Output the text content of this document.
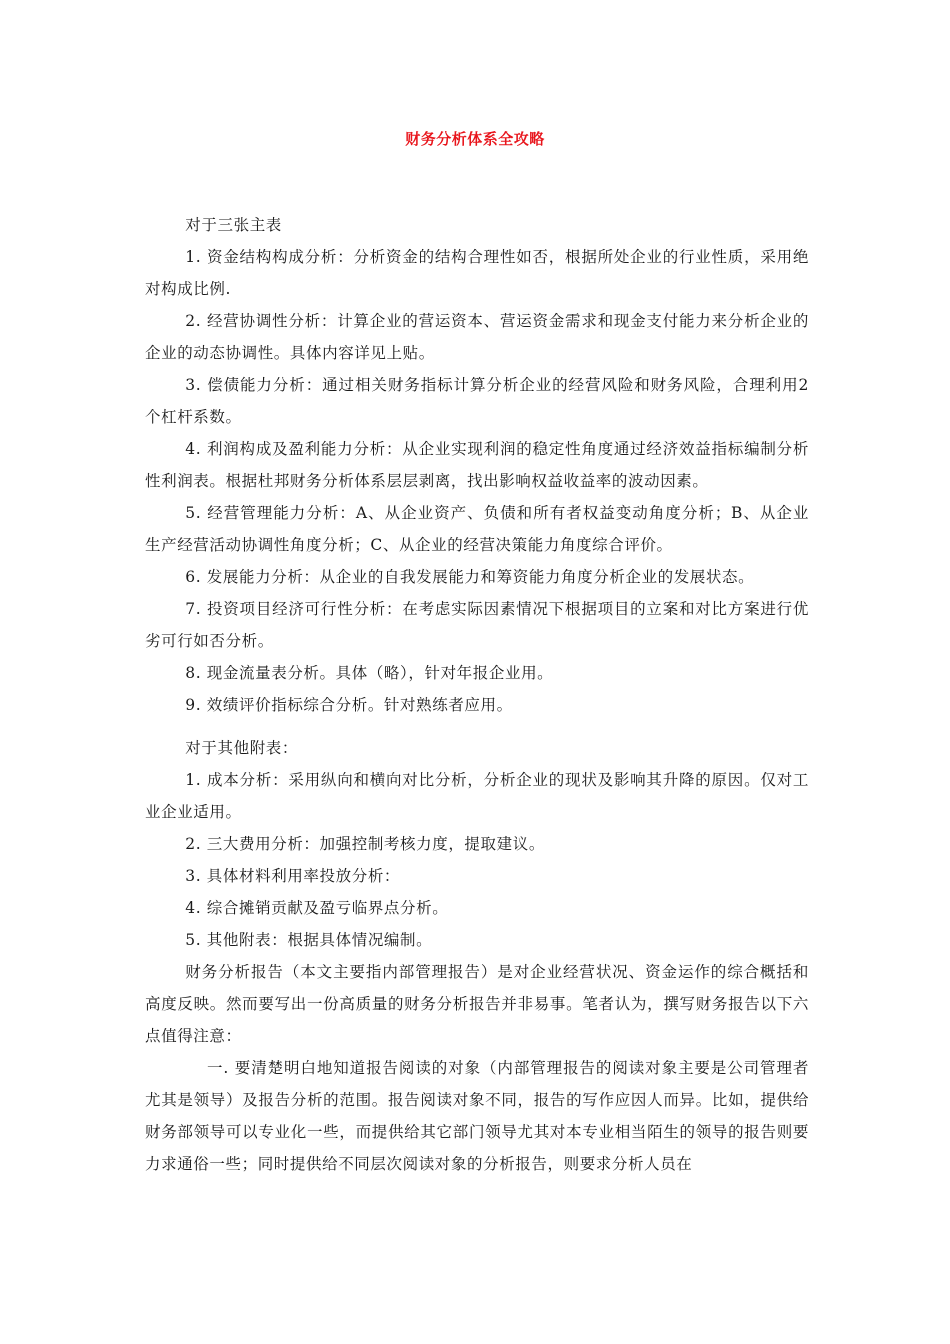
财务分析体系全攻略

对于三张主表

1. 资金结构构成分析：分析资金的结构合理性如否，根据所处企业的行业性质，采用绝对构成比例.

2. 经营协调性分析：计算企业的营运资本、营运资金需求和现金支付能力来分析企业的企业的动态协调性。具体内容详见上贴。

3. 偿债能力分析：通过相关财务指标计算分析企业的经营风险和财务风险，合理利用2个杠杆系数。

4. 利润构成及盈利能力分析：从企业实现利润的稳定性角度通过经济效益指标编制分析性利润表。根据杜邦财务分析体系层层剥离，找出影响权益收益率的波动因素。

5. 经营管理能力分析：A、从企业资产、负债和所有者权益变动角度分析；B、从企业生产经营活动协调性角度分析；C、从企业的经营决策能力角度综合评价。

6. 发展能力分析：从企业的自我发展能力和筹资能力角度分析企业的发展状态。

7. 投资项目经济可行性分析：在考虑实际因素情况下根据项目的立案和对比方案进行优劣可行如否分析。

8. 现金流量表分析。具体（略），针对年报企业用。

9. 效绩评价指标综合分析。针对熟练者应用。

对于其他附表：

1. 成本分析：采用纵向和横向对比分析，分析企业的现状及影响其升降的原因。仅对工业企业适用。

2. 三大费用分析：加强控制考核力度，提取建议。

3. 具体材料利用率投放分析：

4. 综合摊销贡献及盈亏临界点分析。

5. 其他附表：根据具体情况编制。

财务分析报告（本文主要指内部管理报告）是对企业经营状况、资金运作的综合概括和高度反映。然而要写出一份高质量的财务分析报告并非易事。笔者认为，撰写财务报告以下六点值得注意：

一. 要清楚明白地知道报告阅读的对象（内部管理报告的阅读对象主要是公司管理者尤其是领导）及报告分析的范围。报告阅读对象不同，报告的写作应因人而异。比如，提供给财务部领导可以专业化一些，而提供给其它部门领导尤其对本专业相当陌生的领导的报告则要力求通俗一些；同时提供给不同层次阅读对象的分析报告，则要求分析人员在
